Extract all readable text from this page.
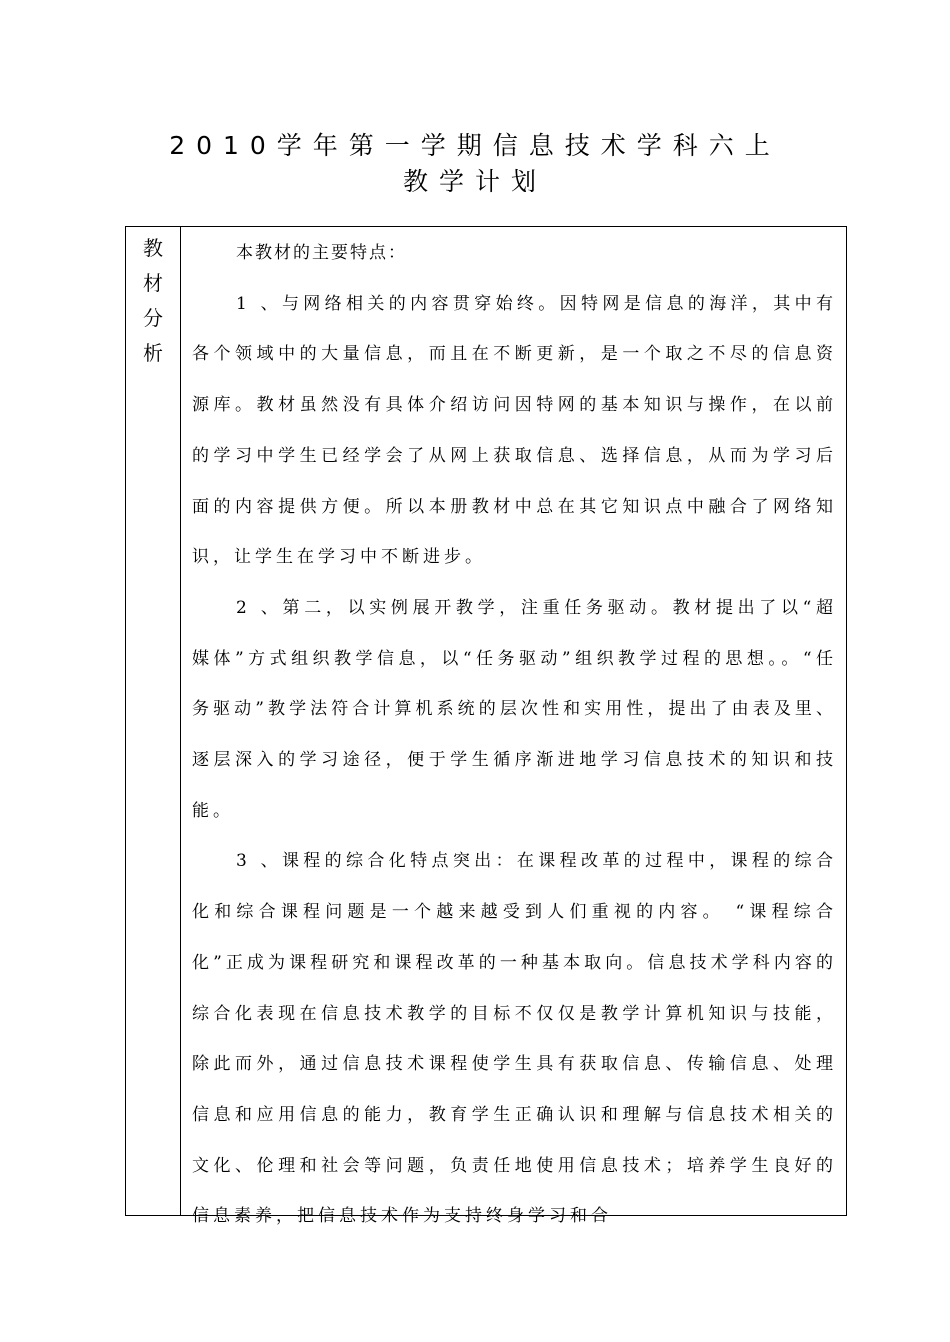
2010学年第一学期信息技术学科六上
教学计划
教
材
分
析

本教材的主要特点：

1 、与网络相关的内容贯穿始终。因特网是信息的海洋，其中有各个领域中的大量信息，而且在不断更新，是一个取之不尽的信息资源库。教材虽然没有具体介绍访问因特网的基本知识与操作，在以前的学习中学生已经学会了从网上获取信息、选择信息，从而为学习后面的内容提供方便。所以本册教材中总在其它知识点中融合了网络知识，让学生在学习中不断进步。

2 、第二，以实例展开教学，注重任务驱动。教材提出了以“超媒体”方式组织教学信息，以“任务驱动”组织教学过程的思想。。“任务驱动”教学法符合计算机系统的层次性和实用性，提出了由表及里、逐层深入的学习途径，便于学生循序渐进地学习信息技术的知识和技能。

3 、课程的综合化特点突出：在课程改革的过程中，课程的综合化和综合课程问题是一个越来越受到人们重视的内容。 “课程综合化”正成为课程研究和课程改革的一种基本取向。信息技术学科内容的综合化表现在信息技术教学的目标不仅仅是教学计算机知识与技能，除此而外，通过信息技术课程使学生具有获取信息、传输信息、处理信息和应用信息的能力，教育学生正确认识和理解与信息技术相关的文化、伦理和社会等问题，负责任地使用信息技术；培养学生良好的信息素养，把信息技术作为支持终身学习和合
